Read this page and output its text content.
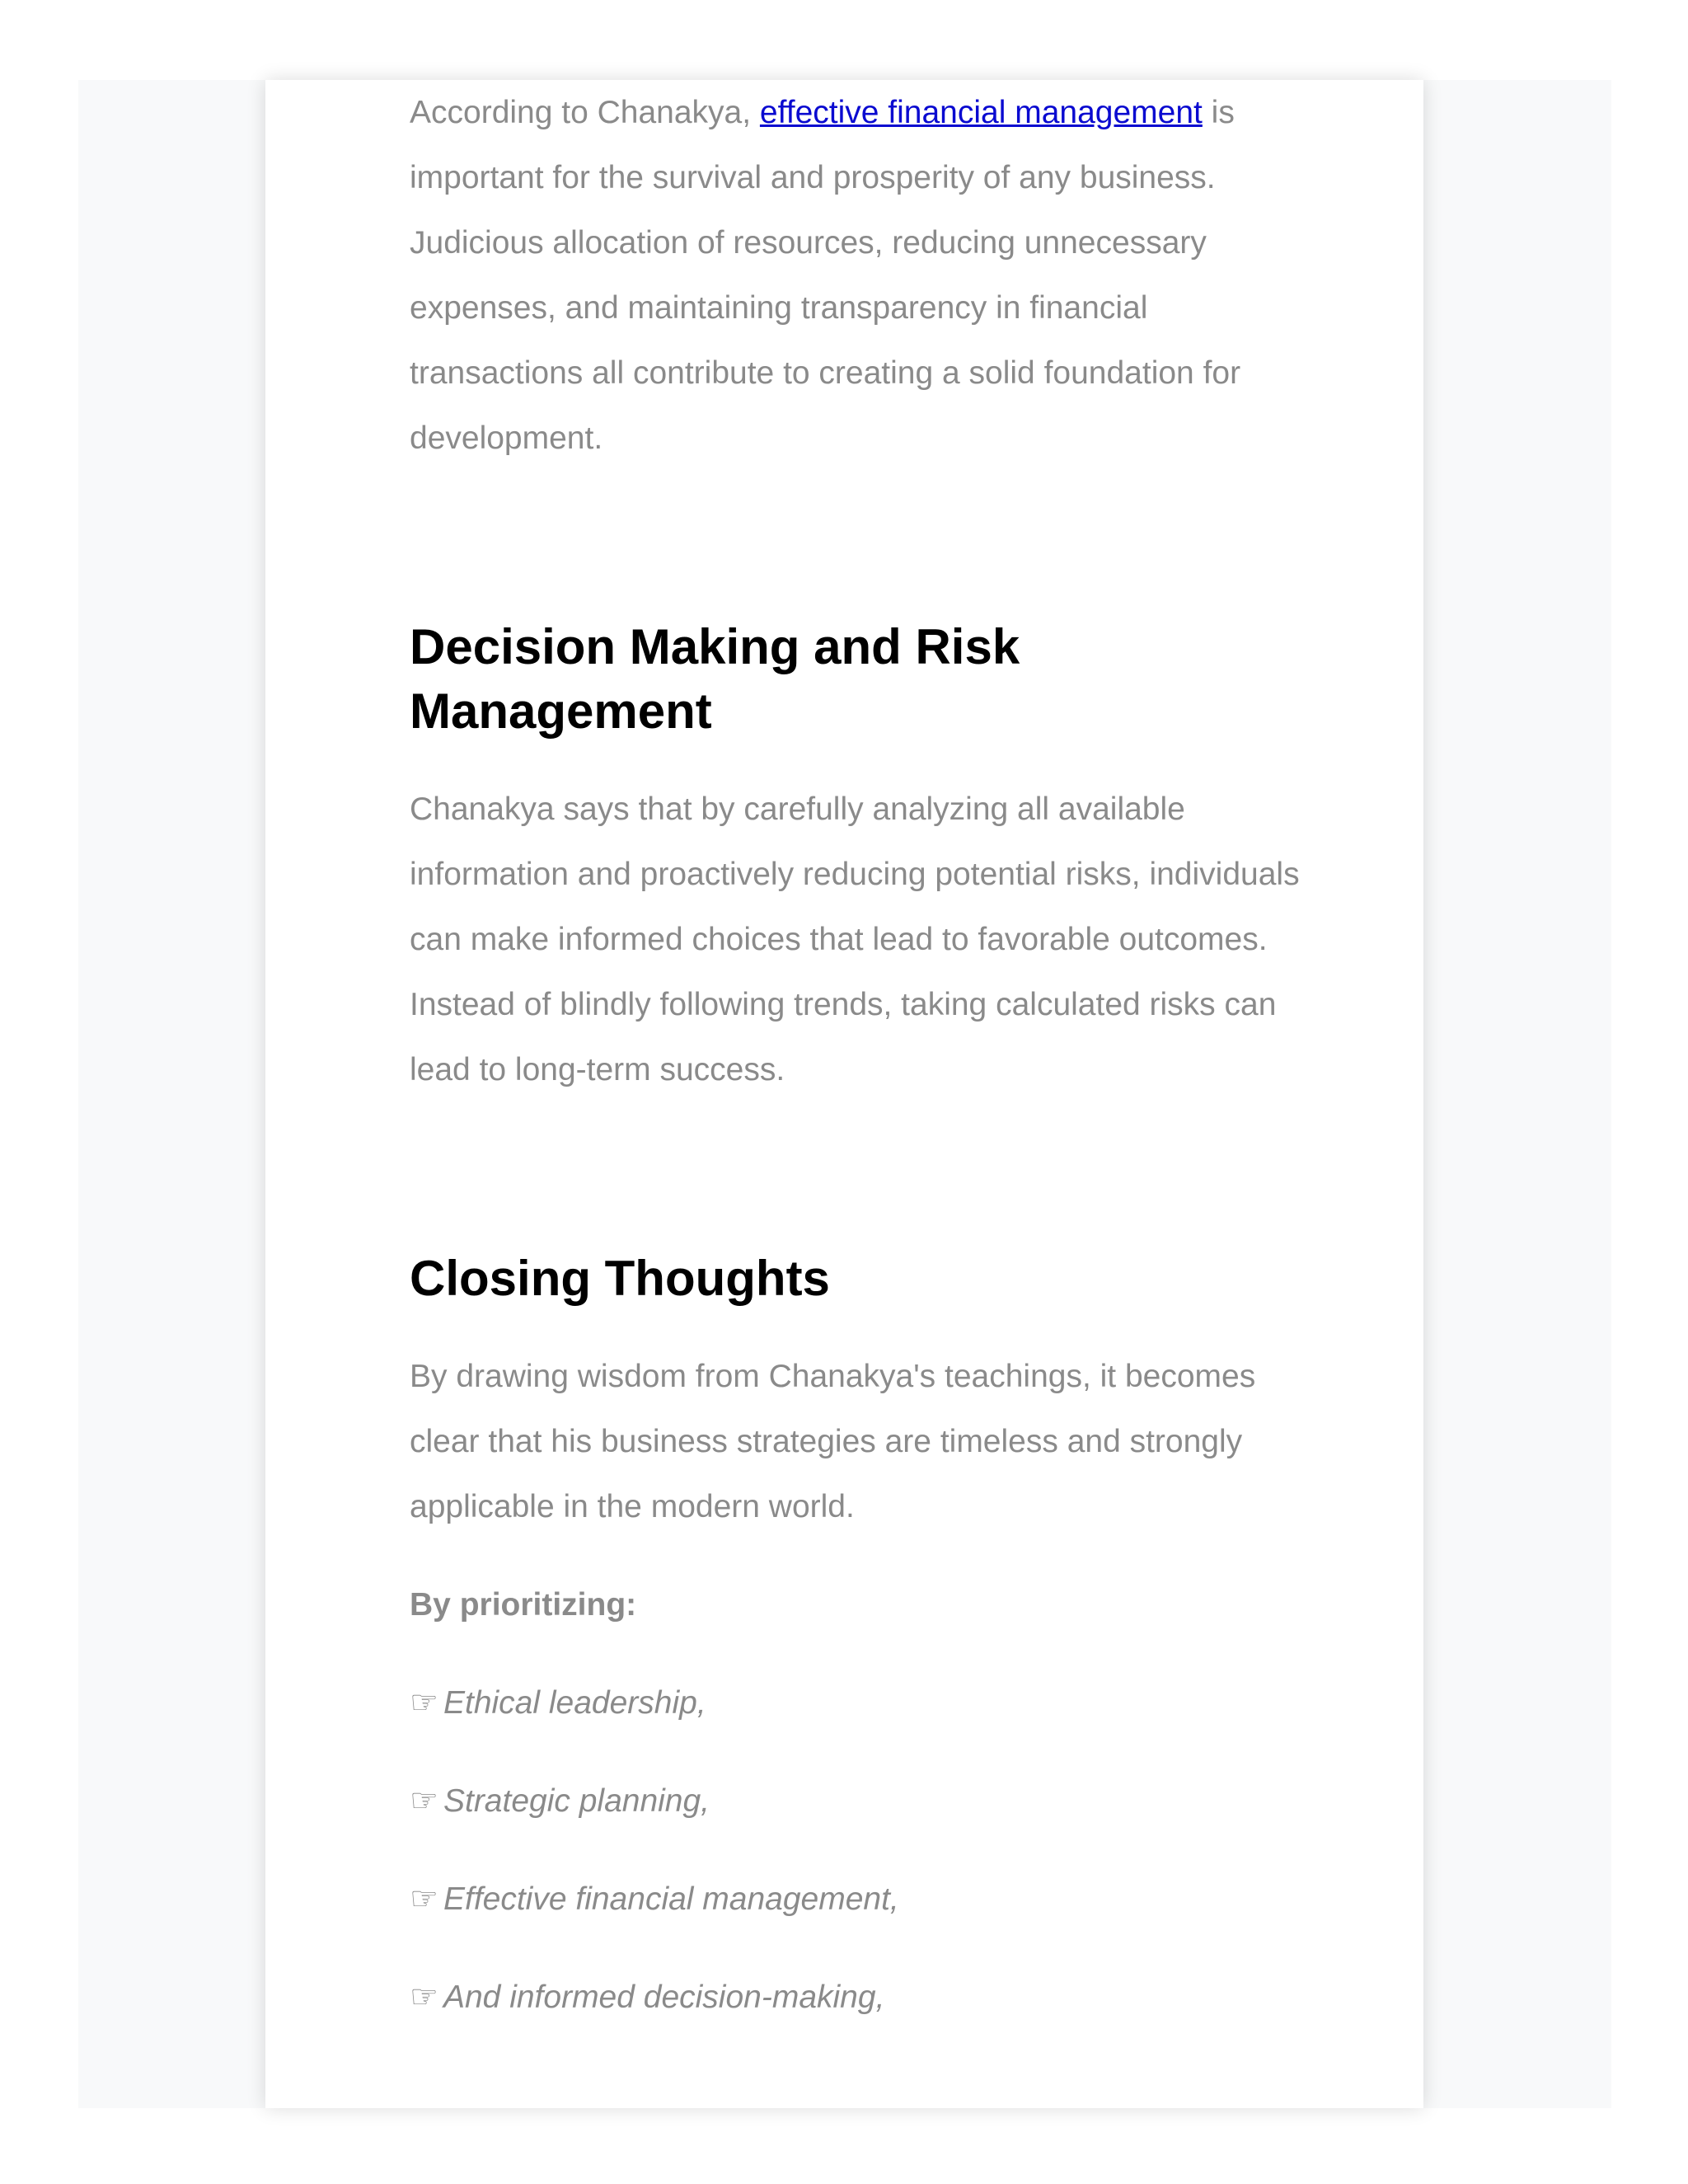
According to Chanakya, effective financial management is important for the survival and prosperity of any business. Judicious allocation of resources, reducing unnecessary expenses, and maintaining transparency in financial transactions all contribute to creating a solid foundation for development.

Decision Making and Risk Management

Chanakya says that by carefully analyzing all available information and proactively reducing potential risks, individuals can make informed choices that lead to favorable outcomes. Instead of blindly following trends, taking calculated risks can lead to long-term success.

Closing Thoughts

By drawing wisdom from Chanakya's teachings, it becomes clear that his business strategies are timeless and strongly applicable in the modern world.

By prioritizing:

☞ Ethical leadership,
☞ Strategic planning,
☞ Effective financial management,
☞ And informed decision-making,
